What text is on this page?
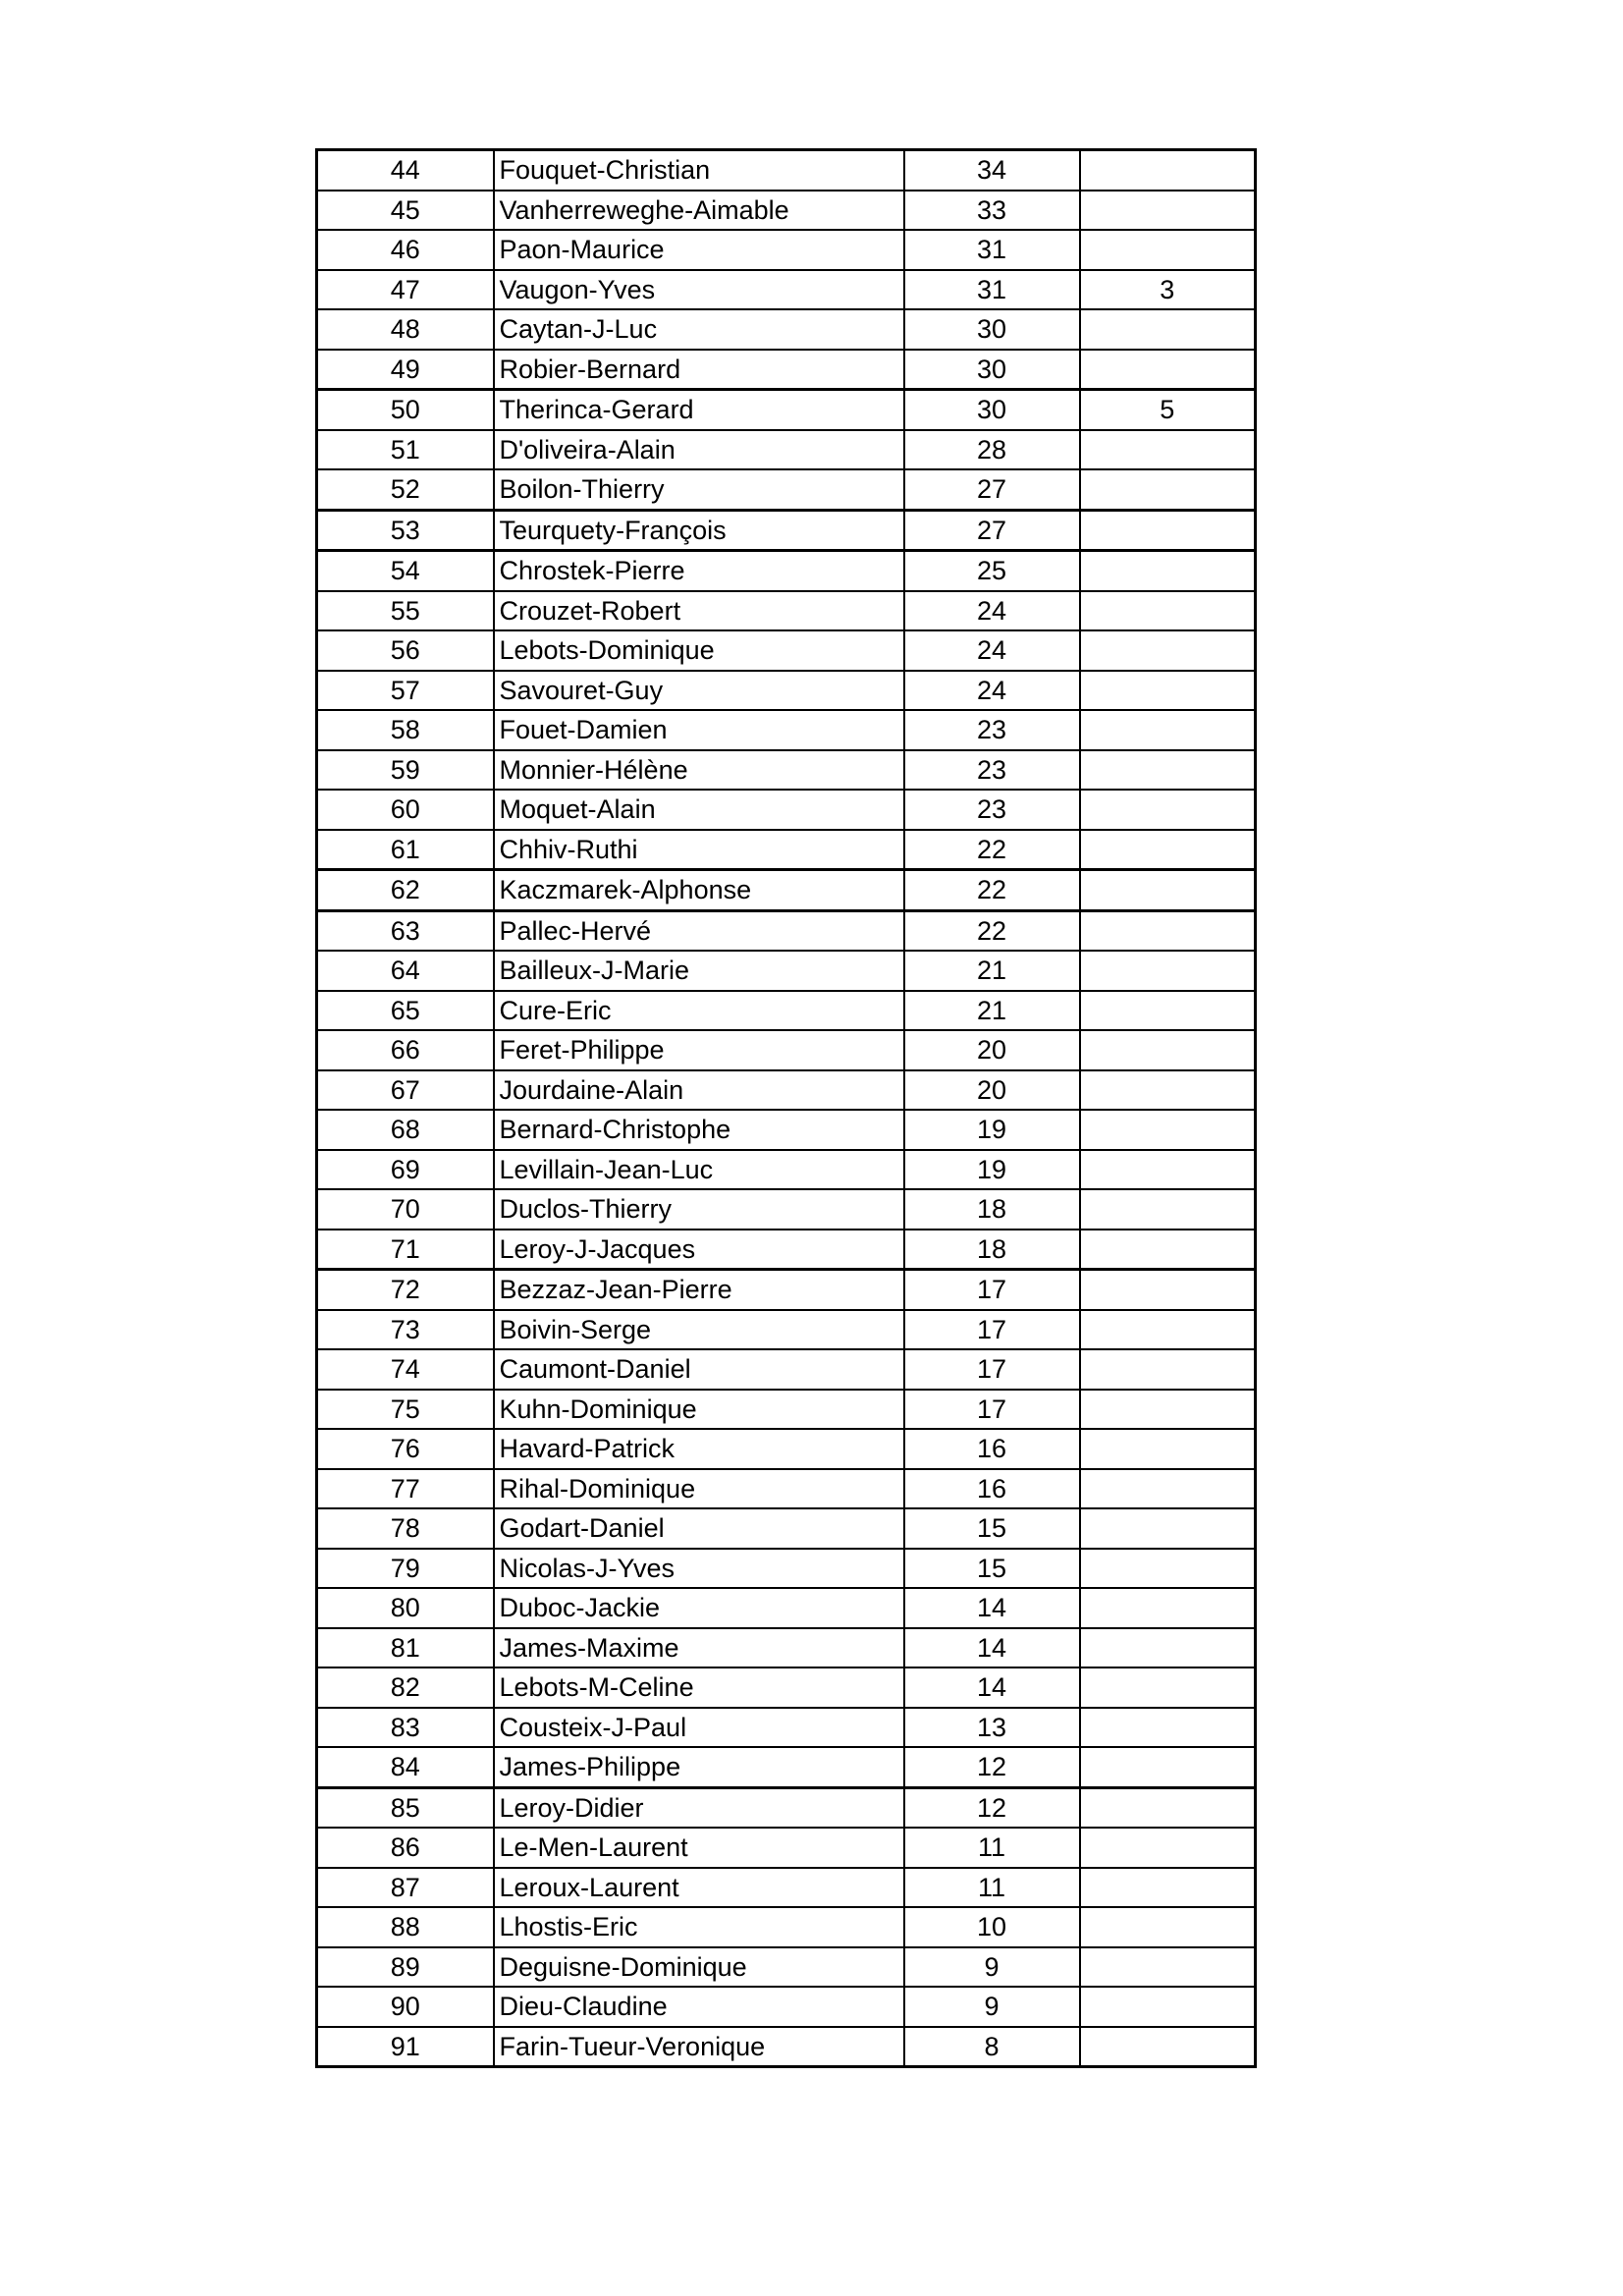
44	Fouquet-Christian	34	
45	Vanherreweghe-Aimable	33	
46	Paon-Maurice	31	
47	Vaugon-Yves	31	3
48	Caytan-J-Luc	30	
49	Robier-Bernard	30	
50	Therinca-Gerard	30	5
51	D'oliveira-Alain	28	
52	Boilon-Thierry	27	
53	Teurquety-François	27	
54	Chrostek-Pierre	25	
55	Crouzet-Robert	24	
56	Lebots-Dominique	24	
57	Savouret-Guy	24	
58	Fouet-Damien	23	
59	Monnier-Hélène	23	
60	Moquet-Alain	23	
61	Chhiv-Ruthi	22	
62	Kaczmarek-Alphonse	22	
63	Pallec-Hervé	22	
64	Bailleux-J-Marie	21	
65	Cure-Eric	21	
66	Feret-Philippe	20	
67	Jourdaine-Alain	20	
68	Bernard-Christophe	19	
69	Levillain-Jean-Luc	19	
70	Duclos-Thierry	18	
71	Leroy-J-Jacques	18	
72	Bezzaz-Jean-Pierre	17	
73	Boivin-Serge	17	
74	Caumont-Daniel	17	
75	Kuhn-Dominique	17	
76	Havard-Patrick	16	
77	Rihal-Dominique	16	
78	Godart-Daniel	15	
79	Nicolas-J-Yves	15	
80	Duboc-Jackie	14	
81	James-Maxime	14	
82	Lebots-M-Celine	14	
83	Cousteix-J-Paul	13	
84	James-Philippe	12	
85	Leroy-Didier	12	
86	Le-Men-Laurent	11	
87	Leroux-Laurent	11	
88	Lhostis-Eric	10	
89	Deguisne-Dominique	9	
90	Dieu-Claudine	9	
91	Farin-Tueur-Veronique	8	
